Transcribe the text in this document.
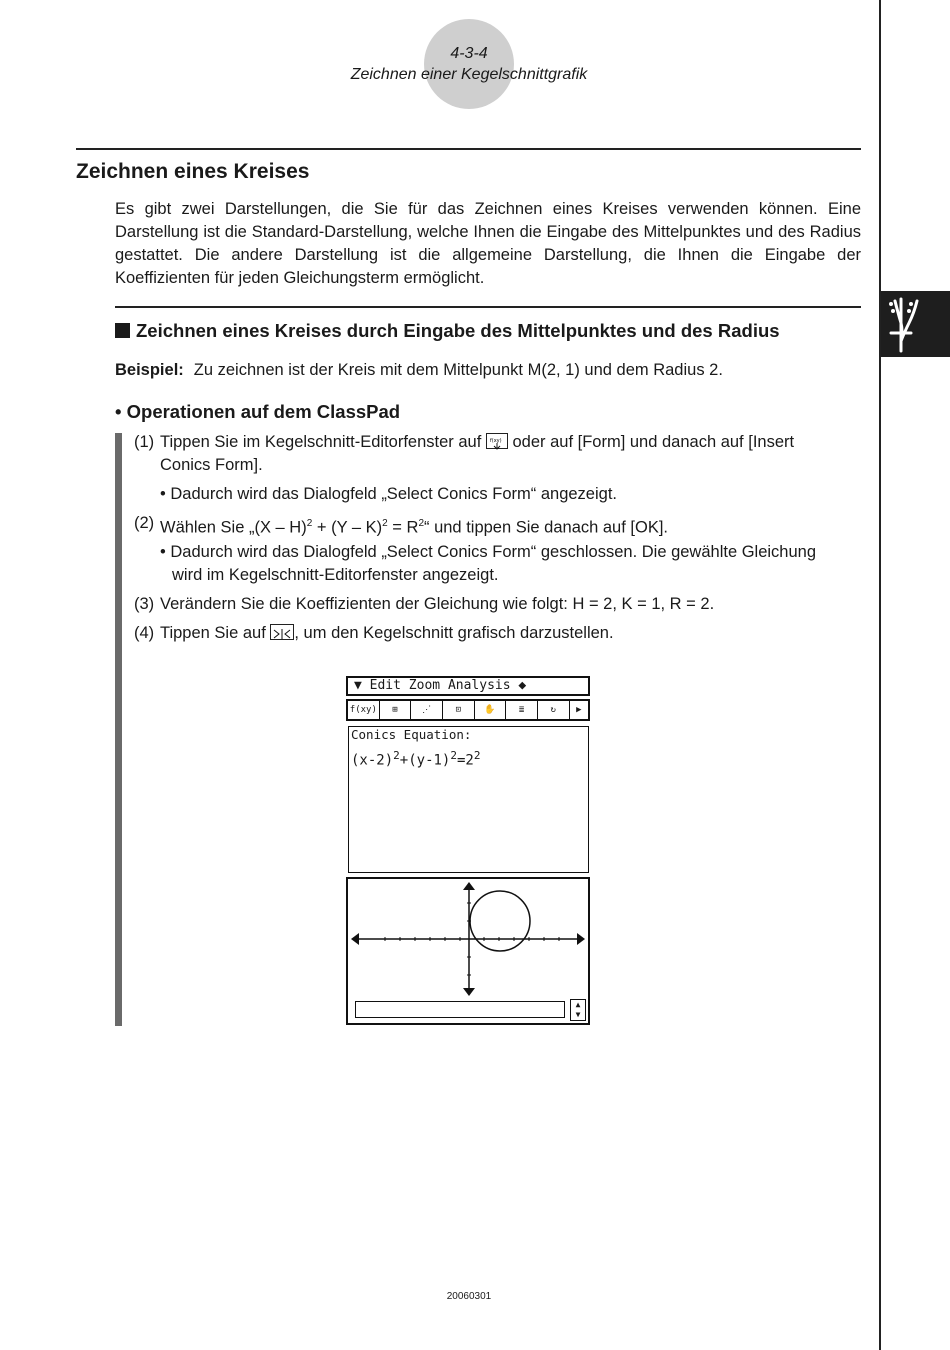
4-3-4
Zeichnen einer Kegelschnittgrafik
Zeichnen eines Kreises
Es gibt zwei Darstellungen, die Sie für das Zeichnen eines Kreises verwenden können. Eine Darstellung ist die Standard-Darstellung, welche Ihnen die Eingabe des Mittelpunktes und des Radius gestattet. Die andere Darstellung ist die allgemeine Darstellung, die Ihnen die Eingabe der Koeffizienten für jeden Gleichungsterm ermöglicht.
Zeichnen eines Kreises durch Eingabe des Mittelpunktes und des Radius
Beispiel: Zu zeichnen ist der Kreis mit dem Mittelpunkt M(2, 1) und dem Radius 2.
• Operationen auf dem ClassPad
(1) Tippen Sie im Kegelschnitt-Editorfenster auf f(xy) oder auf [Form] und danach auf [Insert
Conics Form].
• Dadurch wird das Dialogfeld „Select Conics Form“ angezeigt.
(2) Wählen Sie „(X – $H)^2 + (Y - K)^2 = R^2“$ und tippen Sie danach auf [OK].
• Dadurch wird das Dialogfeld „Select Conics Form“ geschlossen. Die gewählte Gleichung
wird im Kegelschnitt-Editorfenster angezeigt.
(3) Verändern Sie die Koeffizienten der Gleichung wie folgt: H = 2, K = 1, R = 2.
(4) Tippen Sie auf , um den Kegelschnitt grafisch darzustellen.
▼ Edit Zoom Analysis ◆
f(xy)	⊞	⋰	⊡	✋	≣	↻	▶
Conics Equation:
$(x-2)^2+(y-1)^2=2^2$
▲
▼
20060301
